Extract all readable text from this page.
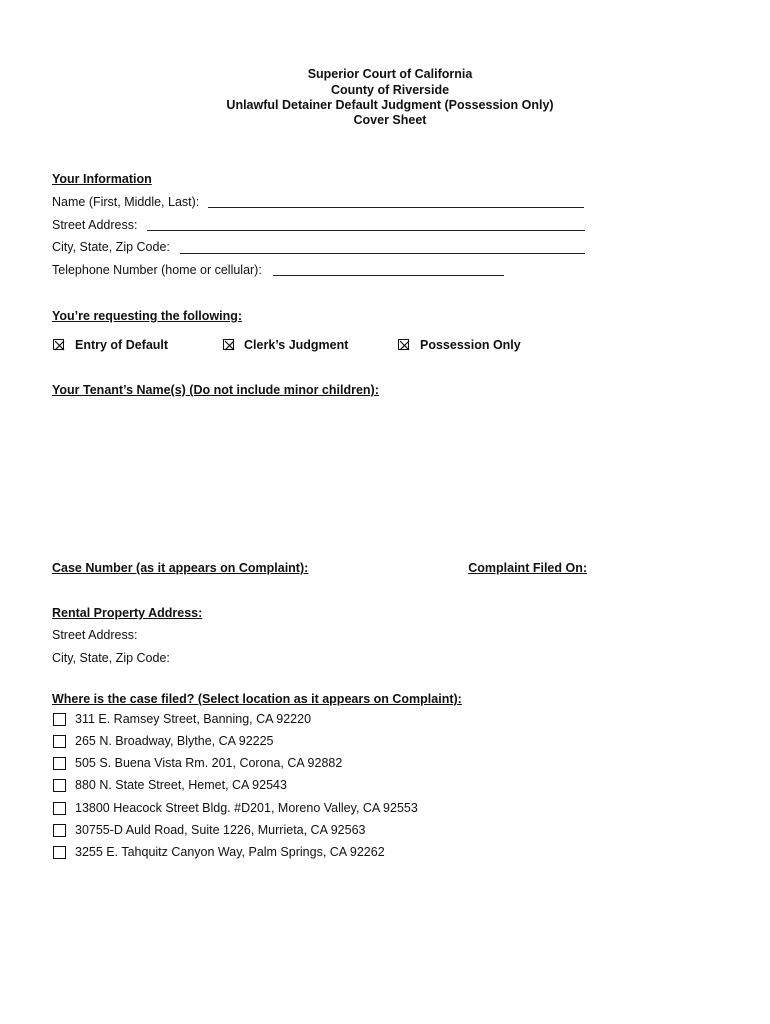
Superior Court of California
County of Riverside
Unlawful Detainer Default Judgment (Possession Only)
Cover Sheet
Your Information
Name (First, Middle, Last):
Street Address:
City, State, Zip Code:
Telephone Number (home or cellular):
You’re requesting the following:
Entry of Default	Clerk’s Judgment	Possession Only
Your Tenant’s Name(s) (Do not include minor children):
Case Number (as it appears on Complaint):	Complaint Filed On:
Rental Property Address:
Street Address:
City, State, Zip Code:
Where is the case filed? (Select location as it appears on Complaint):
311 E. Ramsey Street, Banning, CA 92220
265 N. Broadway, Blythe, CA 92225
505 S. Buena Vista Rm. 201, Corona, CA 92882
880 N. State Street, Hemet, CA 92543
13800 Heacock Street Bldg. #D201, Moreno Valley, CA 92553
30755-D Auld Road, Suite 1226, Murrieta, CA 92563
3255 E. Tahquitz Canyon Way, Palm Springs, CA 92262
